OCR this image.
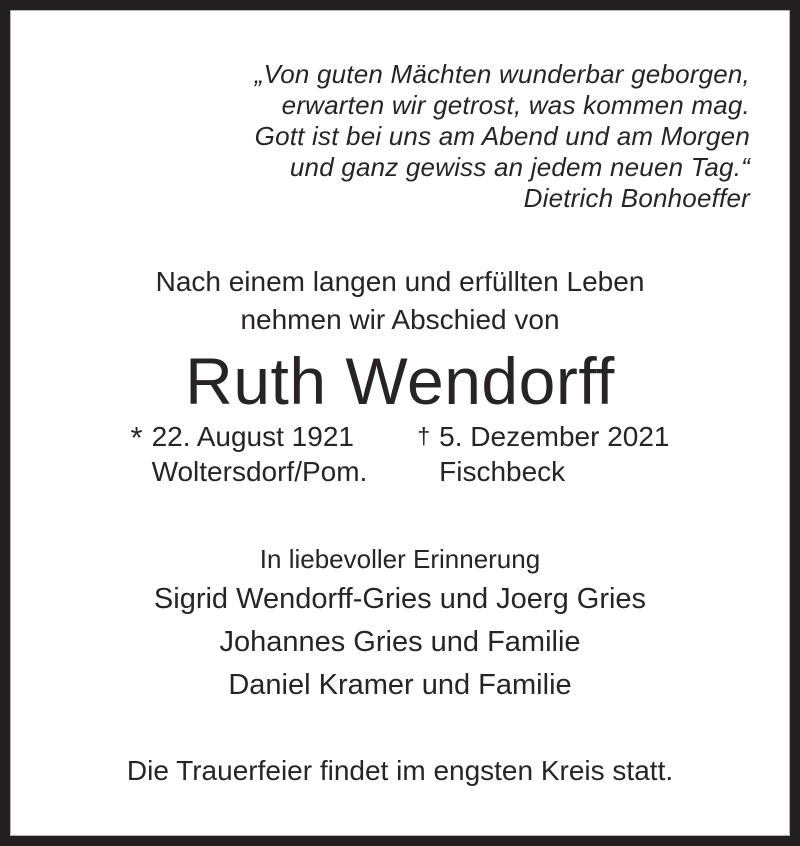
„Von guten Mächten wunderbar geborgen,
erwarten wir getrost, was kommen mag.
Gott ist bei uns am Abend und am Morgen
und ganz gewiss an jedem neuen Tag.“
Dietrich Bonhoeffer
Nach einem langen und erfüllten Leben
nehmen wir Abschied von
Ruth Wendorff
* 22. August 1921
Woltersdorf/Pom.
† 5. Dezember 2021
Fischbeck
In liebevoller Erinnerung
Sigrid Wendorff-Gries und Joerg Gries
Johannes Gries und Familie
Daniel Kramer und Familie
Die Trauerfeier findet im engsten Kreis statt.
